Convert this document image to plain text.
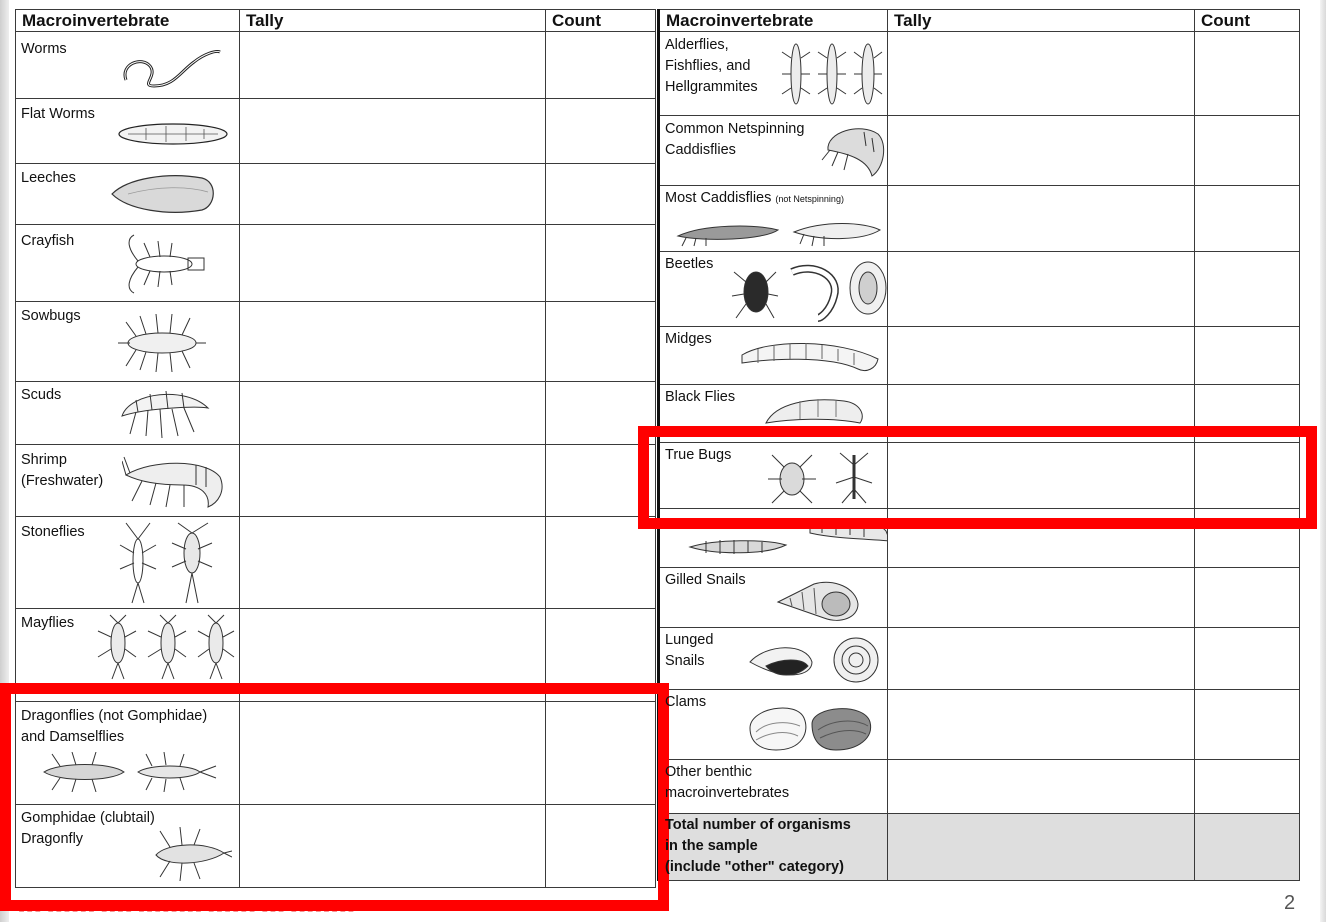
Macroinvertebrate	Tally	Count

Worms		

Flat Worms		

Leeches		

Crayfish		

Sowbugs		

Scuds		

Shrimp
(Freshwater)		

Stoneflies		

Mayflies		

Dragonflies (not Gomphidae)
and Damselflies		

Gomphidae (clubtail)
Dragonfly		

Macroinvertebrate	Tally	Count

Alderflies,
Fishflies, and
Hellgrammites		

Common Netspinning
Caddisflies		

Most Caddisflies (not Netspinning)		

Beetles		

Midges		

Black Flies		

True Bugs		

Gilled Snails		

Lunged
Snails		

Clams		

Other benthic
macroinvertebrates		

Total number of organisms
in the sample
(include "other" category)		

▮▮▮ ▮▮▮▮▮▮ ▮▮▮▮ ▮▮▮▮▮▮▮▮ ▮▮▮▮▮▮ ▮▮▮ ▮▮▮▮▮▮▮▮	2
